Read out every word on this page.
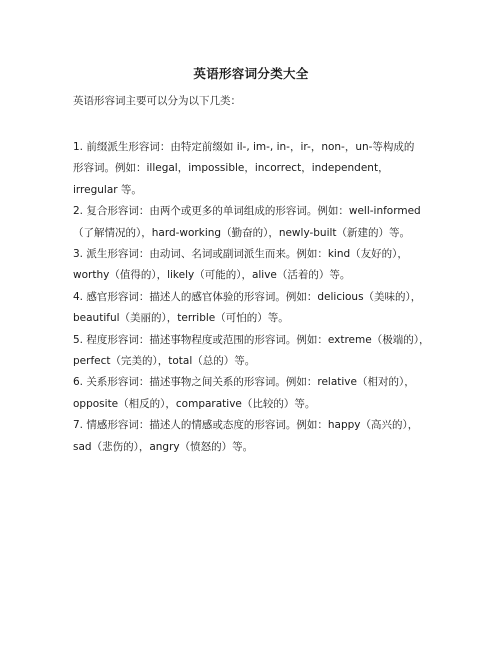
英语形容词分类大全
英语形容词主要可以分为以下几类：

1. 前缀派生形容词：由特定前缀如 il-, im-, in-，ir-，non-，un-等构成的
形容词。例如：illegal，impossible，incorrect，independent，
irregular 等。

2. 复合形容词：由两个或更多的单词组成的形容词。例如：well-informed
（了解情况的），hard-working（勤奋的），newly-built（新建的）等。

3. 派生形容词：由动词、名词或副词派生而来。例如：kind（友好的），
worthy（值得的），likely（可能的），alive（活着的）等。

4. 感官形容词：描述人的感官体验的形容词。例如：delicious（美味的），
beautiful（美丽的），terrible（可怕的）等。

5. 程度形容词：描述事物程度或范围的形容词。例如：extreme（极端的），
perfect（完美的），total（总的）等。

6. 关系形容词：描述事物之间关系的形容词。例如：relative（相对的），
opposite（相反的），comparative（比较的）等。

7. 情感形容词：描述人的情感或态度的形容词。例如：happy（高兴的），
sad（悲伤的），angry（愤怒的）等。
